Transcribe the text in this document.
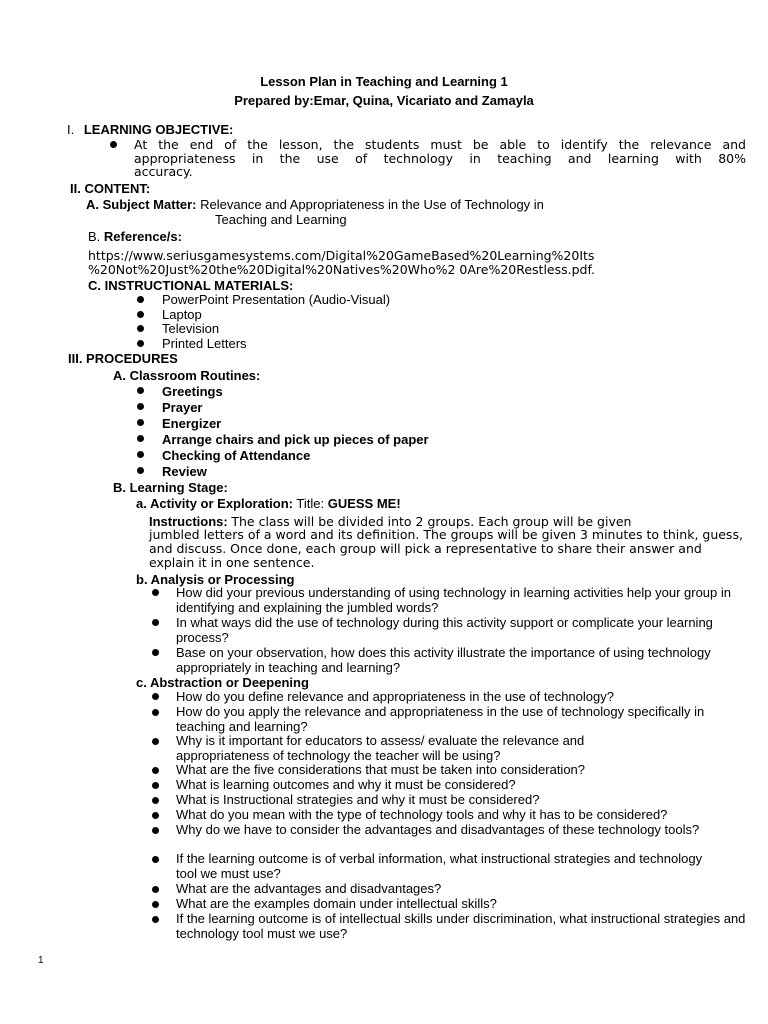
Lesson Plan in Teaching and Learning 1
Prepared by:Emar, Quina, Vicariato and Zamayla
I. LEARNING OBJECTIVE:
At the end of the lesson, the students must be able to identify the relevance and
appropriateness in the use of technology in teaching and learning with 80%
accuracy.
II. CONTENT:
A. Subject Matter: Relevance and Appropriateness in the Use of Technology in
Teaching and Learning
B. Reference/s:
https://www.seriusgamesystems.com/Digital%20GameBased%20Learning%20Its
%20Not%20Just%20the%20Digital%20Natives%20Who%2 0Are%20Restless.pdf.
C. INSTRUCTIONAL MATERIALS:
PowerPoint Presentation (Audio-Visual)
Laptop
Television
Printed Letters
III. PROCEDURES
A. Classroom Routines:
Greetings
Prayer
Energizer
Arrange chairs and pick up pieces of paper
Checking of Attendance
Review
B. Learning Stage:
a. Activity or Exploration: Title: GUESS ME!
Instructions: The class will be divided into 2 groups. Each group will be given
jumbled letters of a word and its definition. The groups will be given 3 minutes to think, guess, and discuss. Once done, each group will pick a representative to share their answer and explain it in one sentence.
b. Analysis or Processing
How did your previous understanding of using technology in learning activities help your group in identifying and explaining the jumbled words?
In what ways did the use of technology during this activity support or complicate your learning process?
Base on your observation, how does this activity illustrate the importance of using technology appropriately in teaching and learning?
c. Abstraction or Deepening
How do you define relevance and appropriateness in the use of technology?
How do you apply the relevance and appropriateness in the use of technology specifically in teaching and learning?
Why is it important for educators to assess/ evaluate the relevance and appropriateness of technology the teacher will be using?
What are the five considerations that must be taken into consideration?
What is learning outcomes and why it must be considered?
What is Instructional strategies and why it must be considered?
What do you mean with the type of technology tools and why it has to be considered?
Why do we have to consider the advantages and disadvantages of these technology tools?
If the learning outcome is of verbal information, what instructional strategies and technology tool we must use?
What are the advantages and disadvantages?
What are the examples domain under intellectual skills?
If the learning outcome is of intellectual skills under discrimination, what instructional strategies and technology tool must we use?
1
